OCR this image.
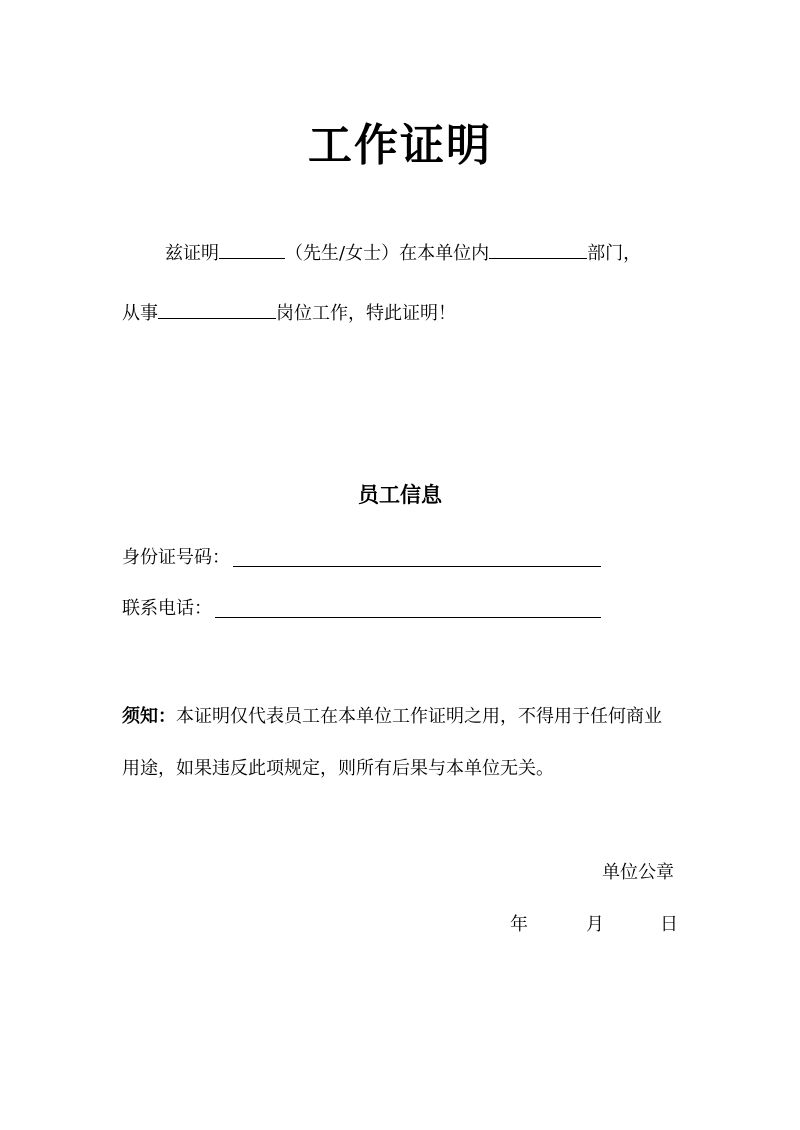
工作证明
兹证明	（先生/女士）在本单位内	部门，
从事	岗位工作，特此证明！
员工信息
身份证号码：
联系电话：
须知：本证明仅代表员工在本单位工作证明之用，不得用于任何商业
用途，如果违反此项规定，则所有后果与本单位无关。
单位公章
年	月	日
